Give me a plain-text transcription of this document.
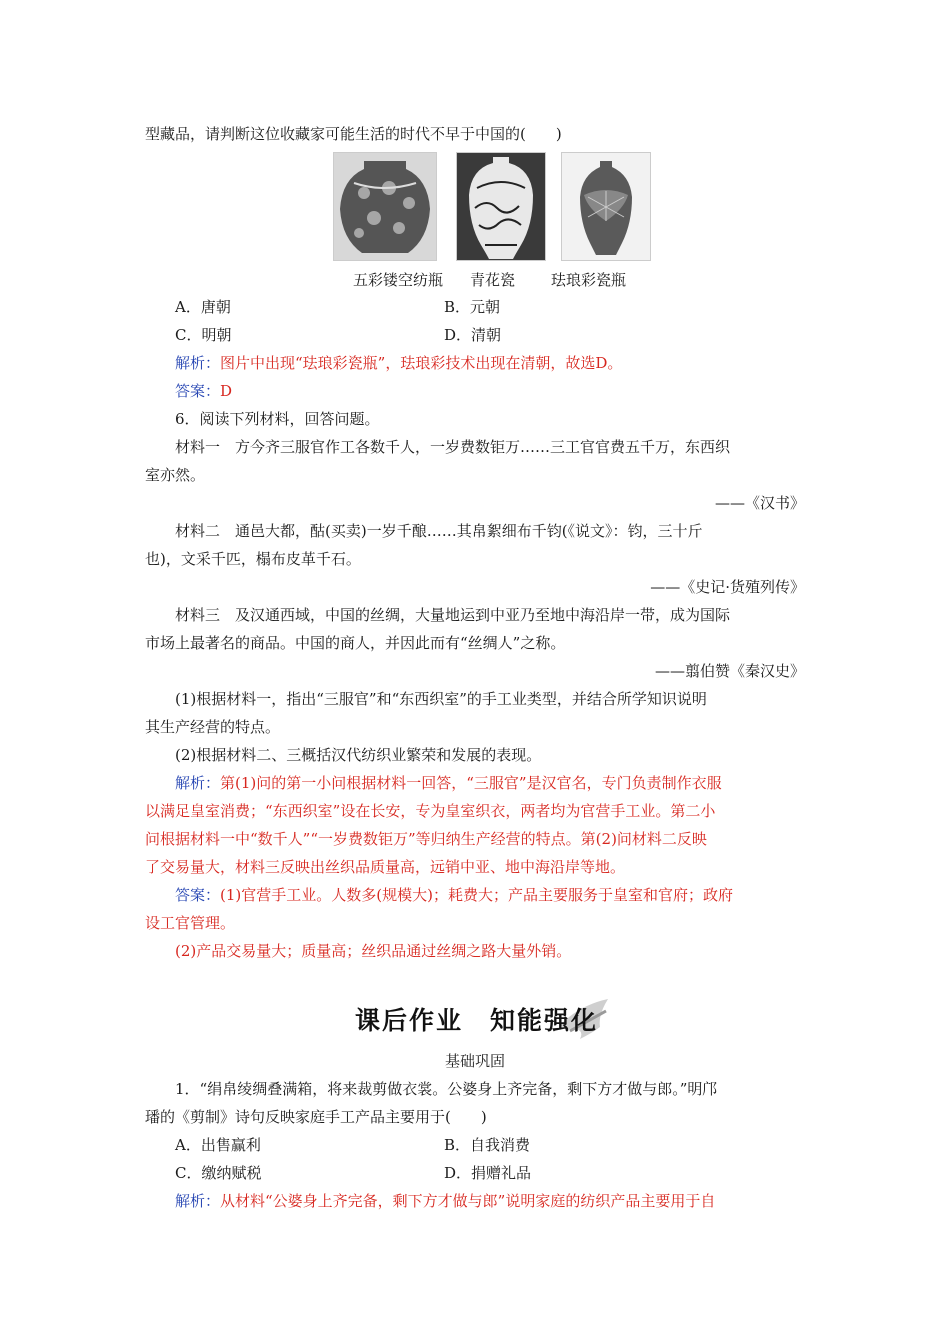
型藏品，请判断这位收藏家可能生活的时代不早于中国的(　　)
五彩镂空纺瓶 青花瓷 珐琅彩瓷瓶
A．唐朝	B．元朝
C．明朝	D．清朝
解析：图片中出现“珐琅彩瓷瓶”，珐琅彩技术出现在清朝，故选D。
答案：D
6．阅读下列材料，回答问题。
材料一　方今齐三服官作工各数千人，一岁费数钜万……三工官官费五千万，东西织
室亦然。
——《汉书》
材料二　通邑大都，酤(买卖)一岁千酿……其帛絮细布千钧(《说文》：钧，三十斤
也)，文采千匹，榻布皮革千石。
——《史记·货殖列传》
材料三　及汉通西域，中国的丝绸，大量地运到中亚乃至地中海沿岸一带，成为国际
市场上最著名的商品。中国的商人，并因此而有“丝绸人”之称。
——翦伯赞《秦汉史》
(1)根据材料一，指出“三服官”和“东西织室”的手工业类型，并结合所学知识说明
其生产经营的特点。
(2)根据材料二、三概括汉代纺织业繁荣和发展的表现。
解析：第(1)问的第一小问根据材料一回答，“三服官”是汉官名，专门负责制作衣服
以满足皇室消费；“东西织室”设在长安，专为皇室织衣，两者均为官营手工业。第二小
问根据材料一中“数千人”“一岁费数钜万”等归纳生产经营的特点。第(2)问材料二反映
了交易量大，材料三反映出丝织品质量高，远销中亚、地中海沿岸等地。
答案：(1)官营手工业。人数多(规模大)；耗费大；产品主要服务于皇室和官府；政府
设工官管理。
(2)产品交易量大；质量高；丝织品通过丝绸之路大量外销。
课后作业　知能强化
基础巩固
1．“绢帛绫绸叠满箱，将来裁剪做衣裳。公婆身上齐完备，剩下方才做与郎。”明邝
璠的《剪制》诗句反映家庭手工产品主要用于(　　)
A．出售赢利	B．自我消费
C．缴纳赋税	D．捐赠礼品
解析：从材料“公婆身上齐完备，剩下方才做与郎”说明家庭的纺织产品主要用于自
